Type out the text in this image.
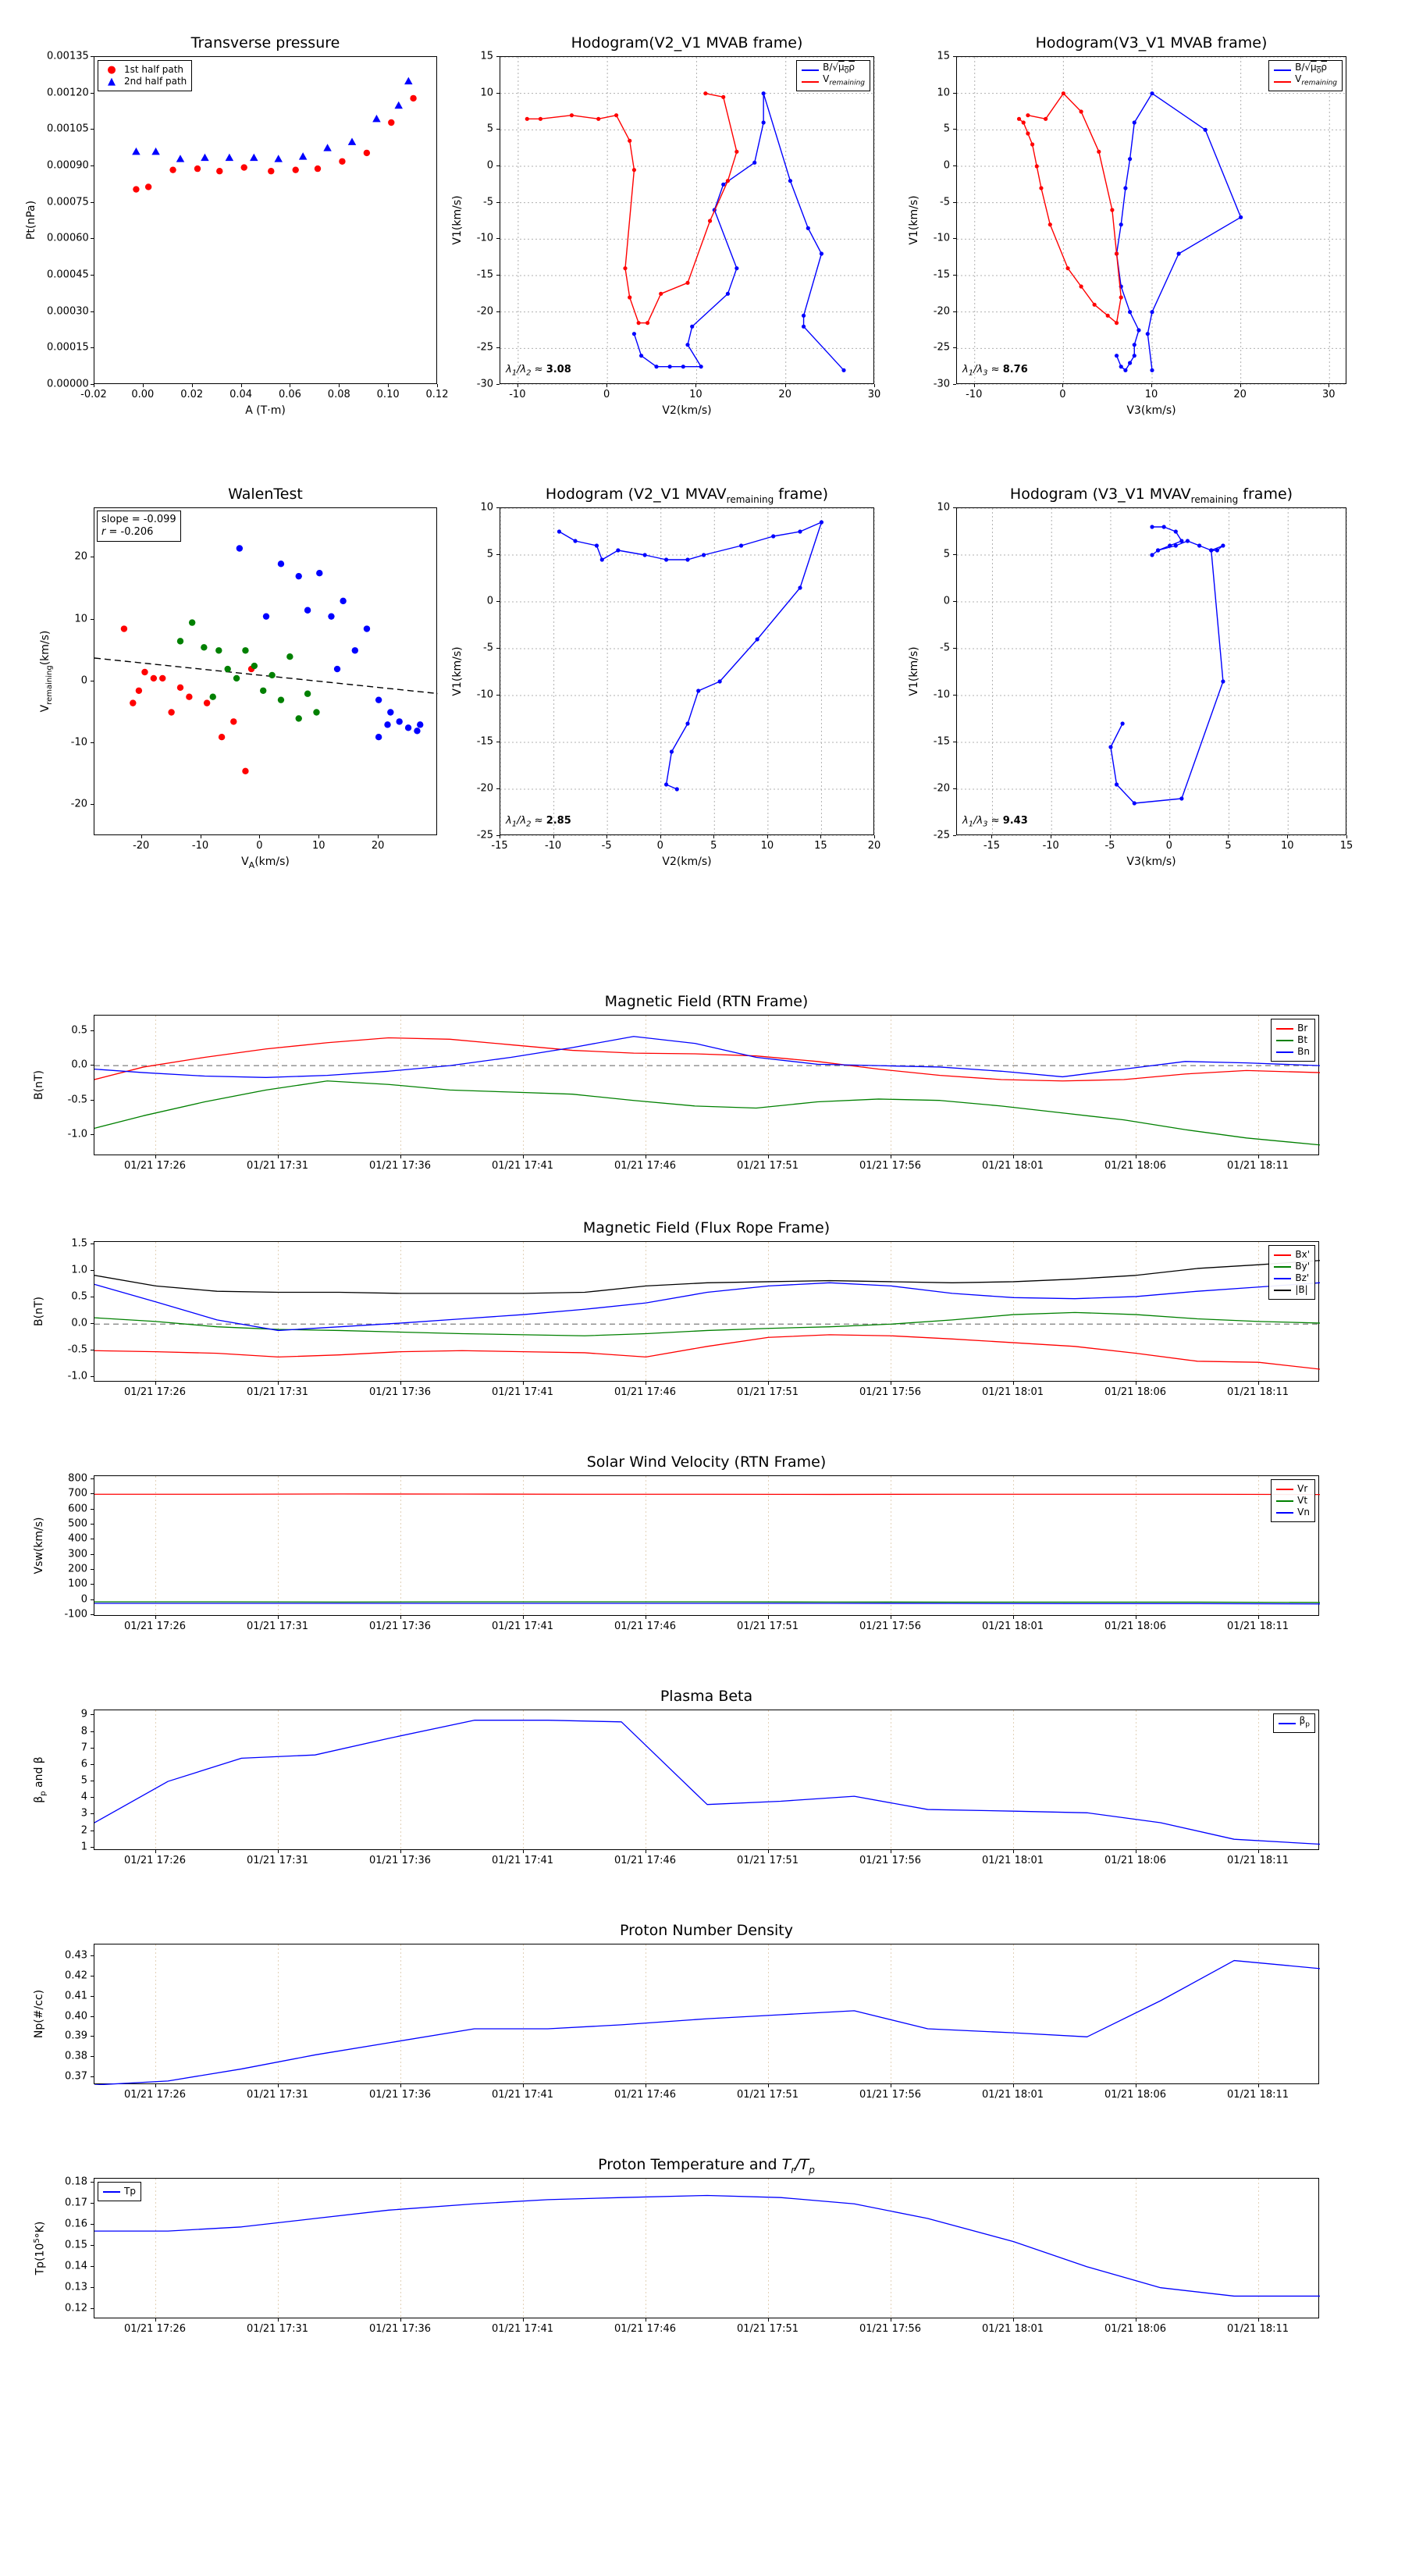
Transverse pressure
-0.02 0.00	0.02	0.04	0.06	0.08	0.10	0.12
0.00000
0.00015
0.00030
0.00045
0.00060
0.00075
0.00090
0.00105
0.00120
0.00135
A (T·m)
Pt(nPa)
● 1st half path
▲ 2nd half path
Hodogram(V2_V1 MVAB frame)
-10	0	10	20	30
-30
-25
-20
-15
-10
-5
0
5
10
15
V2(km/s)
V1(km/s)
$B/√\mu_0\rho$
$V_{remaining}$
$\lambda_1/\lambda_2 \approx 3.08$
Hodogram(V3_V1 MVAB frame)
-10	0	10	20	30
-30
-25
-20
-15
-10
-5
0
5
10
15
V3(km/s)
V1(km/s)
$B/√\mu_0\rho$
$V_{remaining}$
$\lambda_1/\lambda_3 \approx 8.76$
WalenTest
-20	-10	0	10	20
-20
-10
0
10
20
$V_A(km/s)$
$V_{remaining}(km/s)$
slope = -0.099
r = -0.206
Hodogram (V2_V1 $MVAV_{remaining}$ frame)
-15	-10	-5	0	5	10	15	20
-25
-20
-15
-10
-5
0
5
10
V2(km/s)
V1(km/s)
$\lambda_1/\lambda_2 \approx 2.85$
Hodogram (V3_V1 $MVAV_{remaining}$ frame)
-15	-10	-5	0	5	10	15
-25
-20
-15
-10
-5
0
5
10
V3(km/s)
V1(km/s)
$\lambda_1/\lambda_3 \approx 9.43$
Magnetic Field (RTN Frame)
01/21 17:26	01/21 17:31	01/21 17:36	01/21 17:41	01/21 17:46	01/21 17:51	01/21 17:56	01/21 18:01	01/21 18:06	01/21 18:11
-1.0
-0.5
0.0
0.5
B(nT)
Br
Bt
Bn
Magnetic Field (Flux Rope Frame)
01/21 17:26	01/21 17:31	01/21 17:36	01/21 17:41	01/21 17:46	01/21 17:51	01/21 17:56	01/21 18:01	01/21 18:06	01/21 18:11
-1.0
-0.5
0.0
0.5
1.0
1.5
B(nT)
Bx'
By'
Bz'
|B|
Solar Wind Velocity (RTN Frame)
01/21 17:26	01/21 17:31	01/21 17:36	01/21 17:41	01/21 17:46	01/21 17:51	01/21 17:56	01/21 18:01	01/21 18:06	01/21 18:11
-100
0
100
200
300
400
500
600
700
800
Vsw(km/s)
Vr
Vt
Vn
Plasma Beta
01/21 17:26	01/21 17:31	01/21 17:36	01/21 17:41	01/21 17:46	01/21 17:51	01/21 17:56	01/21 18:01	01/21 18:06	01/21 18:11
1
2
3
4
5
6
7
8
9
$\beta_p$ and β
$\beta_p$
Proton Number Density
01/21 17:26	01/21 17:31	01/21 17:36	01/21 17:41	01/21 17:46	01/21 17:51	01/21 17:56	01/21 18:01	01/21 18:06	01/21 18:11
0.37
0.38
0.39
0.40
0.41
0.42
0.43
Np(#/cc)
Proton Temperature and $T_r/T_p$
01/21 17:26	01/21 17:31	01/21 17:36	01/21 17:41	01/21 17:46	01/21 17:51	01/21 17:56	01/21 18:01	01/21 18:06	01/21 18:11
0.12
0.13
0.14
0.15
0.16
0.17
0.18
$Tp(10^5^\circ K)$
Tp
